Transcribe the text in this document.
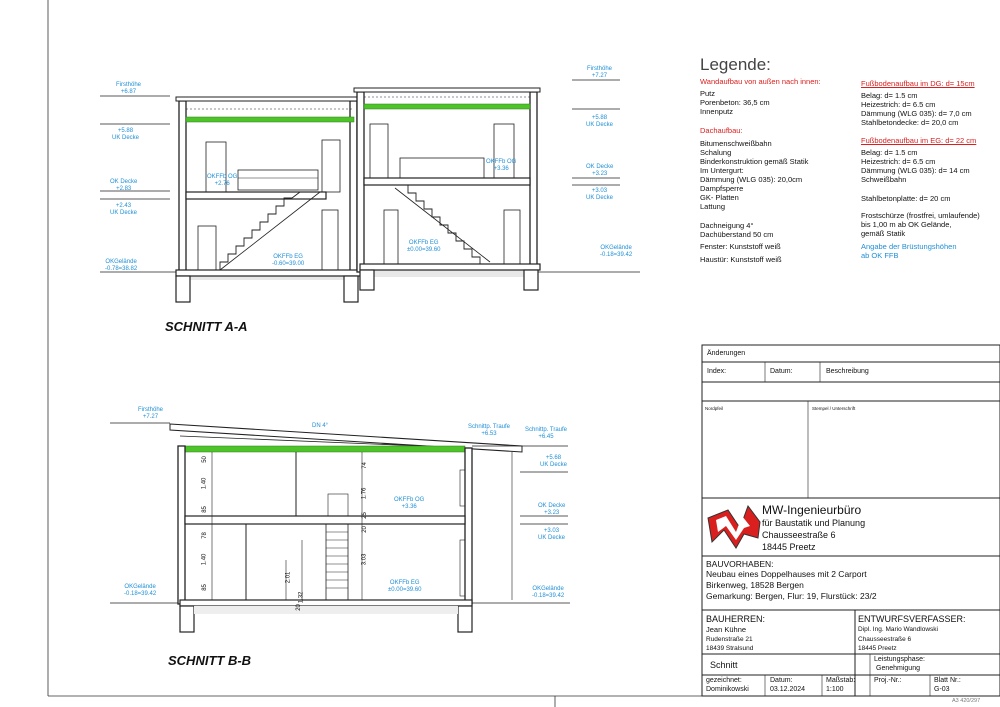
SCHNITT A-A
SCHNITT B-B
Firsthöhe
+6.87
+5.88
UK Decke
OK Decke
+2.83
+2.43
UK Decke
OKGelände
-0.78=38.82
OKFFb OG
+2.76
OKFFb EG
-0.60=39.00
OKFFb EG
±0.00=39.60
OKFFb OG
+3.36
Firsthöhe
+7.27
+5.88
UK Decke
OK Decke
+3.23
+3.03
UK Decke
OKGelände
-0.18=39.42
Firsthöhe
+7.27
DN 4°	Schnittp. Traufe
+6.53
Schnittp. Traufe
+6.45
+5.68
UK Decke
OKFFb OG
+3.36	OK Decke
+3.23
+3.03
UK Decke
OKFFb EG
±0.00=39.60
OKGelände
-0.18=39.42
OKGelände
-0.18=39.42
50
1.40
85
78
1.40
85
74
1.76
25
3.03
2.01
20
20
1.32
Legende:
Wandaufbau von außen nach innen:
Putz
Porenbeton: 36,5 cm
Innenputz
Dachaufbau:
Bitumenschweißbahn
Schalung
Binderkonstruktion gemäß Statik
Im Untergurt:
Dämmung (WLG 035): 20,0cm
Dampfsperre
GK- Platten
Lattung
Dachneigung 4°
Dachüberstand 50 cm
Fenster: Kunststoff weiß
Haustür: Kunststoff weiß
Fußbodenaufbau im DG: d= 15cm
Belag: d= 1.5 cm
Heizestrich: d= 6.5 cm
Dämmung (WLG 035): d= 7,0 cm
Stahlbetondecke: d= 20,0 cm
Fußbodenaufbau im EG: d= 22 cm
Belag: d= 1.5 cm
Heizestrich: d= 6.5 cm
Dämmung (WLG 035): d= 14 cm
Schweißbahn
Stahlbetonplatte: d= 20 cm
Frostschürze (frostfrei, umlaufende)
bis 1,00 m ab OK Gelände,
gemäß Statik
Angabe der Brüstungshöhen
ab OK FFB
Änderungen
Index:	Datum:	Beschreibung
Nordpfeil	Stempel / Unterschrift
MW-Ingenieurbüro
für Baustatik und Planung
Chausseestraße 6
18445 Preetz
BAUVORHABEN:
Neubau eines Doppelhauses mit 2 Carport
Birkenweg, 18528 Bergen
Gemarkung: Bergen, Flur: 19, Flurstück: 23/2
BAUHERREN:
Jean Kühne
Rudenstraße 21
18439 Stralsund
ENTWURFSVERFASSER:
Dipl. Ing. Mario Wandlowski
Chausseestraße 6
18445 Preetz
Schnitt
Leistungsphase:
Genehmigung
gezeichnet:
Dominikowski
Datum:
03.12.2024
Maßstab:
1:100
Proj.-Nr.:	Blatt Nr.:
G-03
A3 420/297
